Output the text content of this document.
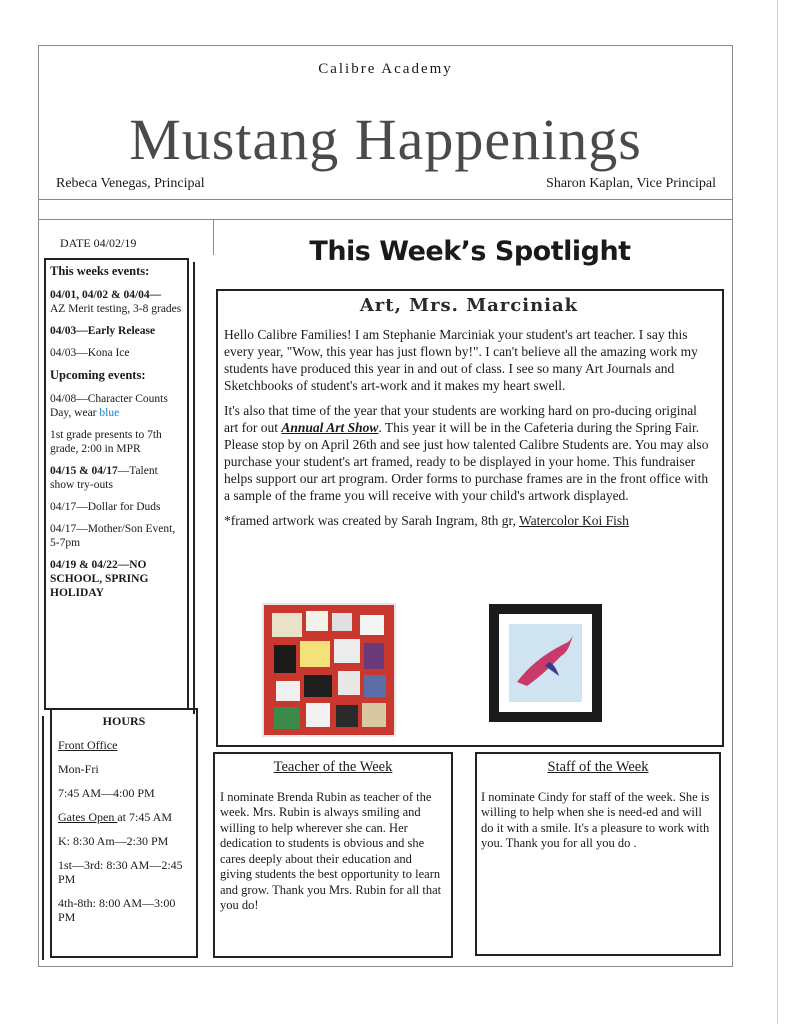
Calibre Academy
Mustang Happenings
Rebeca Venegas, Principal	Sharon Kaplan, Vice Principal
DATE 04/02/19

This weeks events:

04/01, 04/02 & 04/04—
AZ Merit testing, 3-8 grades

04/03—Early Release

04/03—Kona Ice

Upcoming events:

04/08—Character Counts Day, wear blue

1st grade presents to 7th grade, 2:00 in MPR

04/15 & 04/17—Talent show try-outs

04/17—Dollar for Duds

04/17—Mother/Son Event, 5-7pm

04/19 & 04/22—NO SCHOOL, SPRING HOLIDAY

HOURS

Front Office

Mon-Fri

7:45 AM—4:00 PM

Gates Open at 7:45 AM

K: 8:30 Am—2:30 PM

1st—3rd: 8:30 AM—2:45 PM

4th-8th: 8:00 AM—3:00 PM

This Week’s Spotlight
Art, Mrs. Marciniak

Hello Calibre Families! I am Stephanie Marciniak your student's art teacher. I say this every year, "Wow, this year has just flown by!". I can't believe all the amazing work my students have produced this year in and out of class. I see so many Art Journals and Sketchbooks of student's art-work and it makes my heart swell.

It's also that time of the year that your students are working hard on pro-ducing original art for out Annual Art Show. This year it will be in the Cafeteria during the Spring Fair. Please stop by on April 26th and see just how talented Calibre Students are. You may also purchase your student's art framed, ready to be displayed in your home. This fundraiser helps support our art program. Order forms to purchase frames are in the front office with a sample of the frame you will receive with your child's artwork displayed.

*framed artwork was created by Sarah Ingram, 8th gr, Watercolor Koi Fish

Teacher of the Week
I nominate Brenda Rubin as teacher of the week. Mrs. Rubin is always smiling and willing to help wherever she can. Her dedication to students is obvious and she cares deeply about their education and giving students the best opportunity to learn and grow. Thank you Mrs. Rubin for all that you do!
Staff of the Week
I nominate Cindy for staff of the week. She is willing to help when she is need-ed and will do it with a smile. It's a pleasure to work with you. Thank you for all you do .
